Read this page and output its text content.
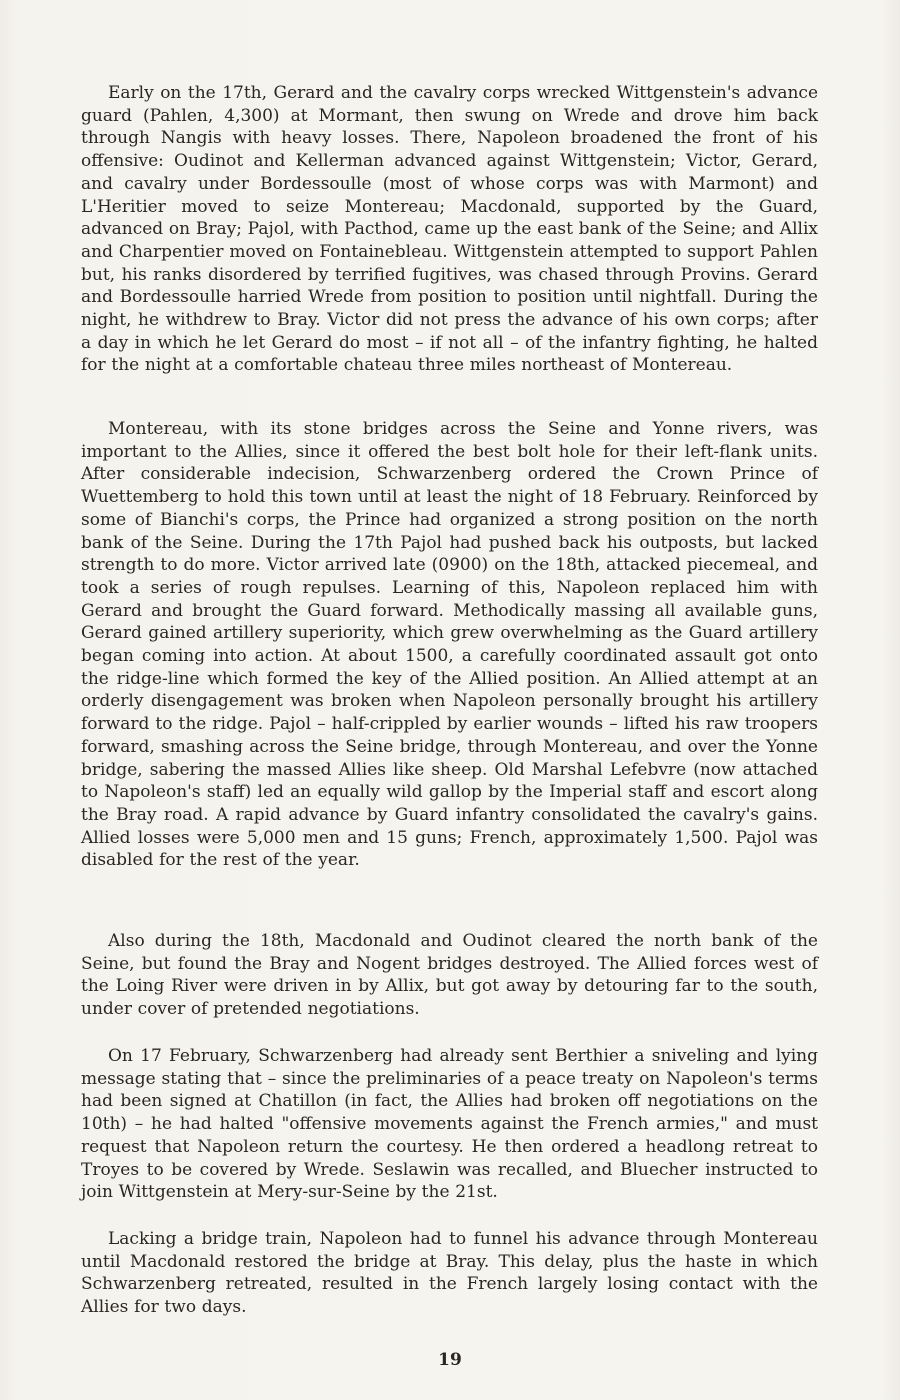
Early on the 17th, Gerard and the cavalry corps wrecked Wittgenstein's advance guard (Pahlen, 4,300) at Mormant, then swung on Wrede and drove him back through Nangis with heavy losses. There, Napoleon broadened the front of his offensive: Oudinot and Kellerman advanced against Wittgenstein; Victor, Gerard, and cavalry under Bordessoulle (most of whose corps was with Marmont) and L'Heritier moved to seize Montereau; Macdonald, supported by the Guard, advanced on Bray; Pajol, with Pacthod, came up the east bank of the Seine; and Allix and Charpentier moved on Fontainebleau. Wittgenstein attempted to support Pahlen but, his ranks disordered by terrified fugitives, was chased through Provins. Gerard and Bordessoulle harried Wrede from position to position until nightfall. During the night, he withdrew to Bray. Victor did not press the advance of his own corps; after a day in which he let Gerard do most – if not all – of the infantry fighting, he halted for the night at a comfortable chateau three miles northeast of Montereau.

Montereau, with its stone bridges across the Seine and Yonne rivers, was important to the Allies, since it offered the best bolt hole for their left-flank units. After considerable indecision, Schwarzenberg ordered the Crown Prince of Wuettemberg to hold this town until at least the night of 18 February. Reinforced by some of Bianchi's corps, the Prince had organized a strong position on the north bank of the Seine. During the 17th Pajol had pushed back his outposts, but lacked strength to do more. Victor arrived late (0900) on the 18th, attacked piecemeal, and took a series of rough repulses. Learning of this, Napoleon replaced him with Gerard and brought the Guard forward. Methodically massing all available guns, Gerard gained artillery superiority, which grew overwhelming as the Guard artillery began coming into action. At about 1500, a carefully coordinated assault got onto the ridge-line which formed the key of the Allied position. An Allied attempt at an orderly disengagement was broken when Napoleon personally brought his artillery forward to the ridge. Pajol – half-crippled by earlier wounds – lifted his raw troopers forward, smashing across the Seine bridge, through Montereau, and over the Yonne bridge, sabering the massed Allies like sheep. Old Marshal Lefebvre (now attached to Napoleon's staff) led an equally wild gallop by the Imperial staff and escort along the Bray road. A rapid advance by Guard infantry consolidated the cavalry's gains. Allied losses were 5,000 men and 15 guns; French, approximately 1,500. Pajol was disabled for the rest of the year.

Also during the 18th, Macdonald and Oudinot cleared the north bank of the Seine, but found the Bray and Nogent bridges destroyed. The Allied forces west of the Loing River were driven in by Allix, but got away by detouring far to the south, under cover of pretended negotiations.

On 17 February, Schwarzenberg had already sent Berthier a sniveling and lying message stating that – since the preliminaries of a peace treaty on Napoleon's terms had been signed at Chatillon (in fact, the Allies had broken off negotiations on the 10th) – he had halted "offensive movements against the French armies," and must request that Napoleon return the courtesy. He then ordered a headlong retreat to Troyes to be covered by Wrede. Seslawin was recalled, and Bluecher instructed to join Wittgenstein at Mery-sur-Seine by the 21st.

Lacking a bridge train, Napoleon had to funnel his advance through Montereau until Macdonald restored the bridge at Bray. This delay, plus the haste in which Schwarzenberg retreated, resulted in the French largely losing contact with the Allies for two days.

19
